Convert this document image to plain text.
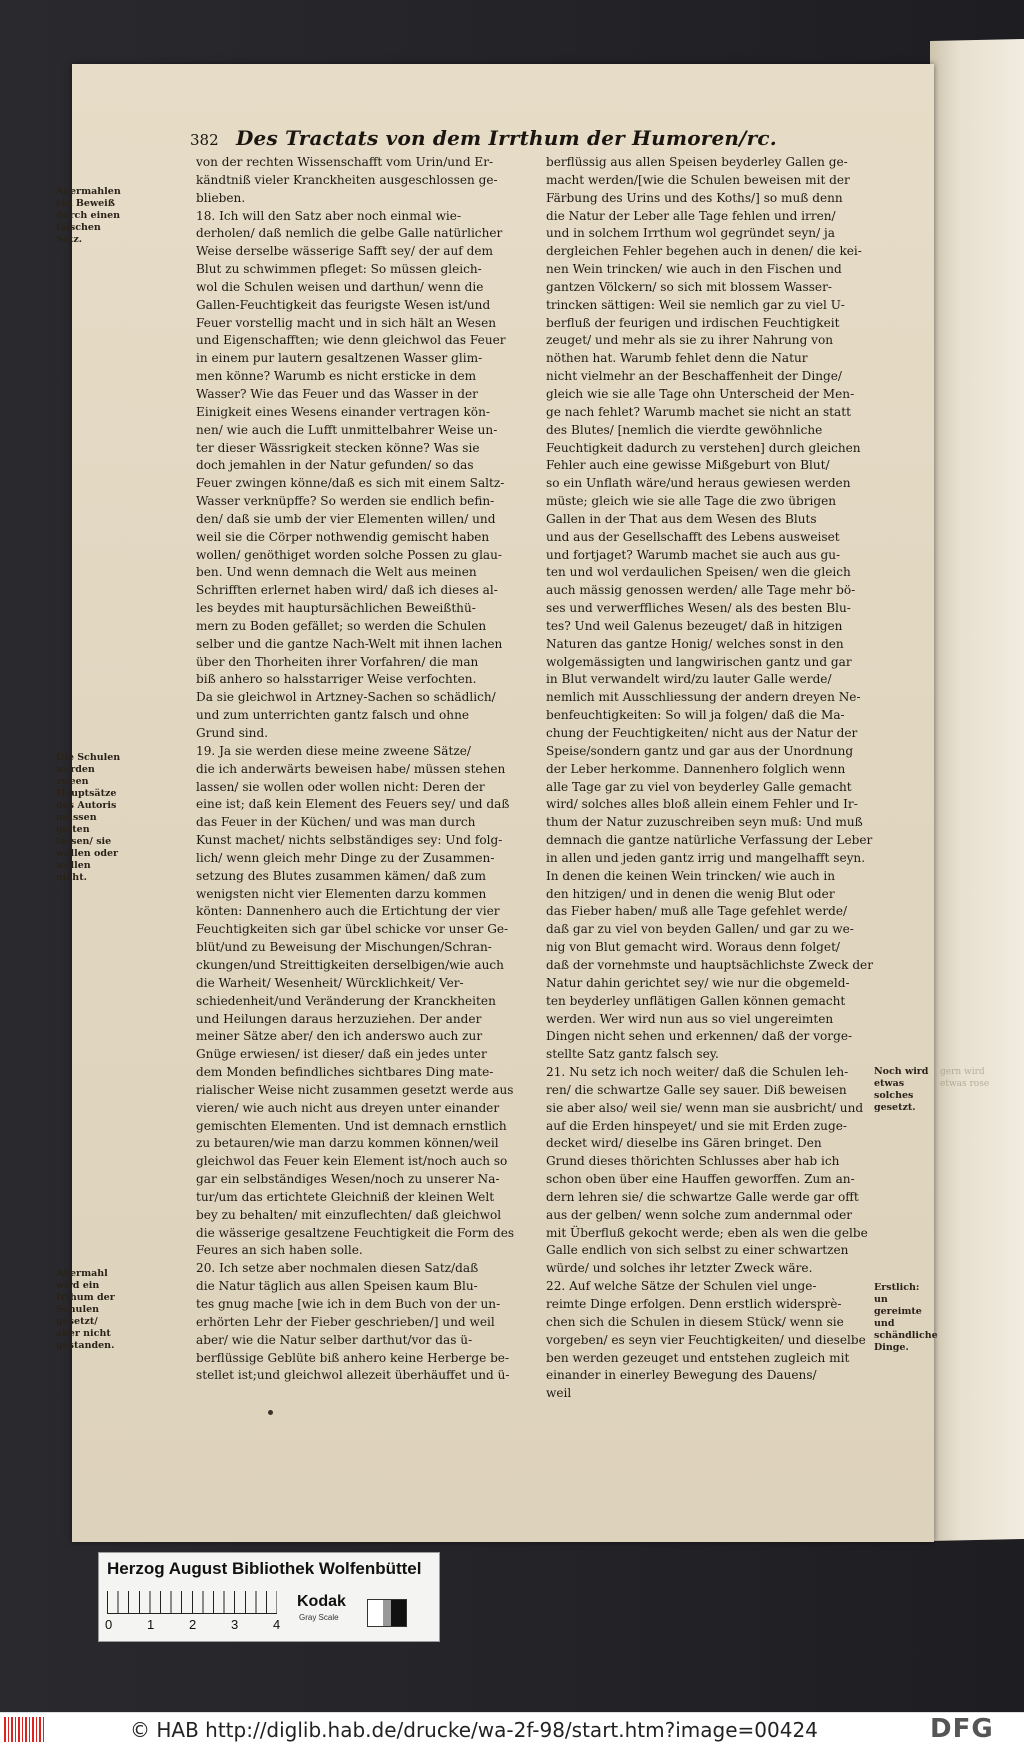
382 Des Tractats von dem Irrthum der Humoren/rc.
von der rechten Wissenschafft vom Urin/und Er-
kändtniß vieler Kranckheiten ausgeschlossen ge-
blieben.
18. Ich will den Satz aber noch einmal wie-
derholen/ daß nemlich die gelbe Galle natürlicher
Weise derselbe wässerige Safft sey/ der auf dem
Blut zu schwimmen pfleget: So müssen gleich-
wol die Schulen weisen und darthun/ wenn die
Gallen-Feuchtigkeit das feurigste Wesen ist/und
Feuer vorstellig macht und in sich hält an Wesen
und Eigenschafften; wie denn gleichwol das Feuer
in einem pur lautern gesaltzenen Wasser glim-
men könne? Warumb es nicht ersticke in dem
Wasser? Wie das Feuer und das Wasser in der
Einigkeit eines Wesens einander vertragen kön-
nen/ wie auch die Lufft unmittelbahrer Weise un-
ter dieser Wässrigkeit stecken könne? Was sie
doch jemahlen in der Natur gefunden/ so das
Feuer zwingen könne/daß es sich mit einem Saltz-
Wasser verknüpffe? So werden sie endlich befin-
den/ daß sie umb der vier Elementen willen/ und
weil sie die Cörper nothwendig gemischt haben
wollen/ genöthiget worden solche Possen zu glau-
ben. Und wenn demnach die Welt aus meinen
Schrifften erlernet haben wird/ daß ich dieses al-
les beydes mit hauptursächlichen Beweißthü-
mern zu Boden gefället; so werden die Schulen
selber und die gantze Nach-Welt mit ihnen lachen
über den Thorheiten ihrer Vorfahren/ die man
biß anhero so halsstarriger Weise verfochten.
Da sie gleichwol in Artzney-Sachen so schädlich/
und zum unterrichten gantz falsch und ohne
Grund sind.
19. Ja sie werden diese meine zweene Sätze/
die ich anderwärts beweisen habe/ müssen stehen
lassen/ sie wollen oder wollen nicht: Deren der
eine ist; daß kein Element des Feuers sey/ und daß
das Feuer in der Küchen/ und was man durch
Kunst machet/ nichts selbständiges sey: Und folg-
lich/ wenn gleich mehr Dinge zu der Zusammen-
setzung des Blutes zusammen kämen/ daß zum
wenigsten nicht vier Elementen darzu kommen
könten: Dannenhero auch die Ertichtung der vier
Feuchtigkeiten sich gar übel schicke vor unser Ge-
blüt/und zu Beweisung der Mischungen/Schran-
ckungen/und Streittigkeiten derselbigen/wie auch
die Warheit/ Wesenheit/ Würcklichkeit/ Ver-
schiedenheit/und Veränderung der Kranckheiten
und Heilungen daraus herzuziehen. Der ander
meiner Sätze aber/ den ich anderswo auch zur
Gnüge erwiesen/ ist dieser/ daß ein jedes unter
dem Monden befindliches sichtbares Ding mate-
rialischer Weise nicht zusammen gesetzt werde aus
vieren/ wie auch nicht aus dreyen unter einander
gemischten Elementen. Und ist demnach ernstlich
zu betauren/wie man darzu kommen können/weil
gleichwol das Feuer kein Element ist/noch auch so
gar ein selbständiges Wesen/noch zu unserer Na-
tur/um das ertichtete Gleichniß der kleinen Welt
bey zu behalten/ mit einzuflechten/ daß gleichwol
die wässerige gesaltzene Feuchtigkeit die Form des
Feures an sich haben solle.
20. Ich setze aber nochmalen diesen Satz/daß
die Natur täglich aus allen Speisen kaum Blu-
tes gnug mache [wie ich in dem Buch von der un-
erhörten Lehr der Fieber geschrieben/] und weil
aber/ wie die Natur selber darthut/vor das ü-
berflüssige Geblüte biß anhero keine Herberge be-
stellet ist;und gleichwol allezeit überhäuffet und ü-
berflüssig aus allen Speisen beyderley Gallen ge-
macht werden/[wie die Schulen beweisen mit der
Färbung des Urins und des Koths/] so muß denn
die Natur der Leber alle Tage fehlen und irren/
und in solchem Irrthum wol gegründet seyn/ ja
dergleichen Fehler begehen auch in denen/ die kei-
nen Wein trincken/ wie auch in den Fischen und
gantzen Völckern/ so sich mit blossem Wasser-
trincken sättigen: Weil sie nemlich gar zu viel U-
berfluß der feurigen und irdischen Feuchtigkeit
zeuget/ und mehr als sie zu ihrer Nahrung von
nöthen hat. Warumb fehlet denn die Natur
nicht vielmehr an der Beschaffenheit der Dinge/
gleich wie sie alle Tage ohn Unterscheid der Men-
ge nach fehlet? Warumb machet sie nicht an statt
des Blutes/ [nemlich die vierdte gewöhnliche
Feuchtigkeit dadurch zu verstehen] durch gleichen
Fehler auch eine gewisse Mißgeburt von Blut/
so ein Unflath wäre/und heraus gewiesen werden
müste; gleich wie sie alle Tage die zwo übrigen
Gallen in der That aus dem Wesen des Bluts
und aus der Gesellschafft des Lebens ausweiset
und fortjaget? Warumb machet sie auch aus gu-
ten und wol verdaulichen Speisen/ wen die gleich
auch mässig genossen werden/ alle Tage mehr bö-
ses und verwerffliches Wesen/ als des besten Blu-
tes? Und weil Galenus bezeuget/ daß in hitzigen
Naturen das gantze Honig/ welches sonst in den
wolgemässigten und langwirischen gantz und gar
in Blut verwandelt wird/zu lauter Galle werde/
nemlich mit Ausschliessung der andern dreyen Ne-
benfeuchtigkeiten: So will ja folgen/ daß die Ma-
chung der Feuchtigkeiten/ nicht aus der Natur der
Speise/sondern gantz und gar aus der Unordnung
der Leber herkomme. Dannenhero folglich wenn
alle Tage gar zu viel von beyderley Galle gemacht
wird/ solches alles bloß allein einem Fehler und Ir-
thum der Natur zuzuschreiben seyn muß: Und muß
demnach die gantze natürliche Verfassung der Leber
in allen und jeden gantz irrig und mangelhafft seyn.
In denen die keinen Wein trincken/ wie auch in
den hitzigen/ und in denen die wenig Blut oder
das Fieber haben/ muß alle Tage gefehlet werde/
daß gar zu viel von beyden Gallen/ und gar zu we-
nig von Blut gemacht wird. Woraus denn folget/
daß der vornehmste und hauptsächlichste Zweck der
Natur dahin gerichtet sey/ wie nur die obgemeld-
ten beyderley unflätigen Gallen können gemacht
werden. Wer wird nun aus so viel ungereimten
Dingen nicht sehen und erkennen/ daß der vorge-
stellte Satz gantz falsch sey.
21. Nu setz ich noch weiter/ daß die Schulen leh-
ren/ die schwartze Galle sey sauer. Diß beweisen
sie aber also/ weil sie/ wenn man sie ausbricht/ und
auf die Erden hinspeyet/ und sie mit Erden zuge-
decket wird/ dieselbe ins Gären bringet. Den
Grund dieses thörichten Schlusses aber hab ich
schon oben über eine Hauffen geworffen. Zum an-
dern lehren sie/ die schwartze Galle werde gar offt
aus der gelben/ wenn solche zum andernmal oder
mit Überfluß gekocht werde; eben als wen die gelbe
Galle endlich von sich selbst zu einer schwartzen
würde/ und solches ihr letzter Zweck wäre.
22. Auf welche Sätze der Schulen viel unge-
reimte Dinge erfolgen. Denn erstlich widersprè-
chen sich die Schulen in diesem Stück/ wenn sie
vorgeben/ es seyn vier Feuchtigkeiten/ und dieselbe
ben werden gezeuget und entstehen zugleich mit
einander in einerley Bewegung des Dauens/
weil
Abermahlen ein Beweiß durch einen falschen Satz.
Die Schulen werden zween Hauptsätze des Autoris müssen gelten lassen/ sie wollen oder wollen nicht.
Abermahl wird ein Irthum der Schulen gesetzt/ aber nicht gestanden.
Noch wird etwas solches gesetzt.
Erstlich: un gereimte und schändliche Dinge.
gern wird etwas rose
Herzog August Bibliothek Wolfenbüttel
0	1	2	3	4
Kodak
Gray Scale
© HAB http://diglib.hab.de/drucke/wa-2f-98/start.htm?image=00424	DFG
